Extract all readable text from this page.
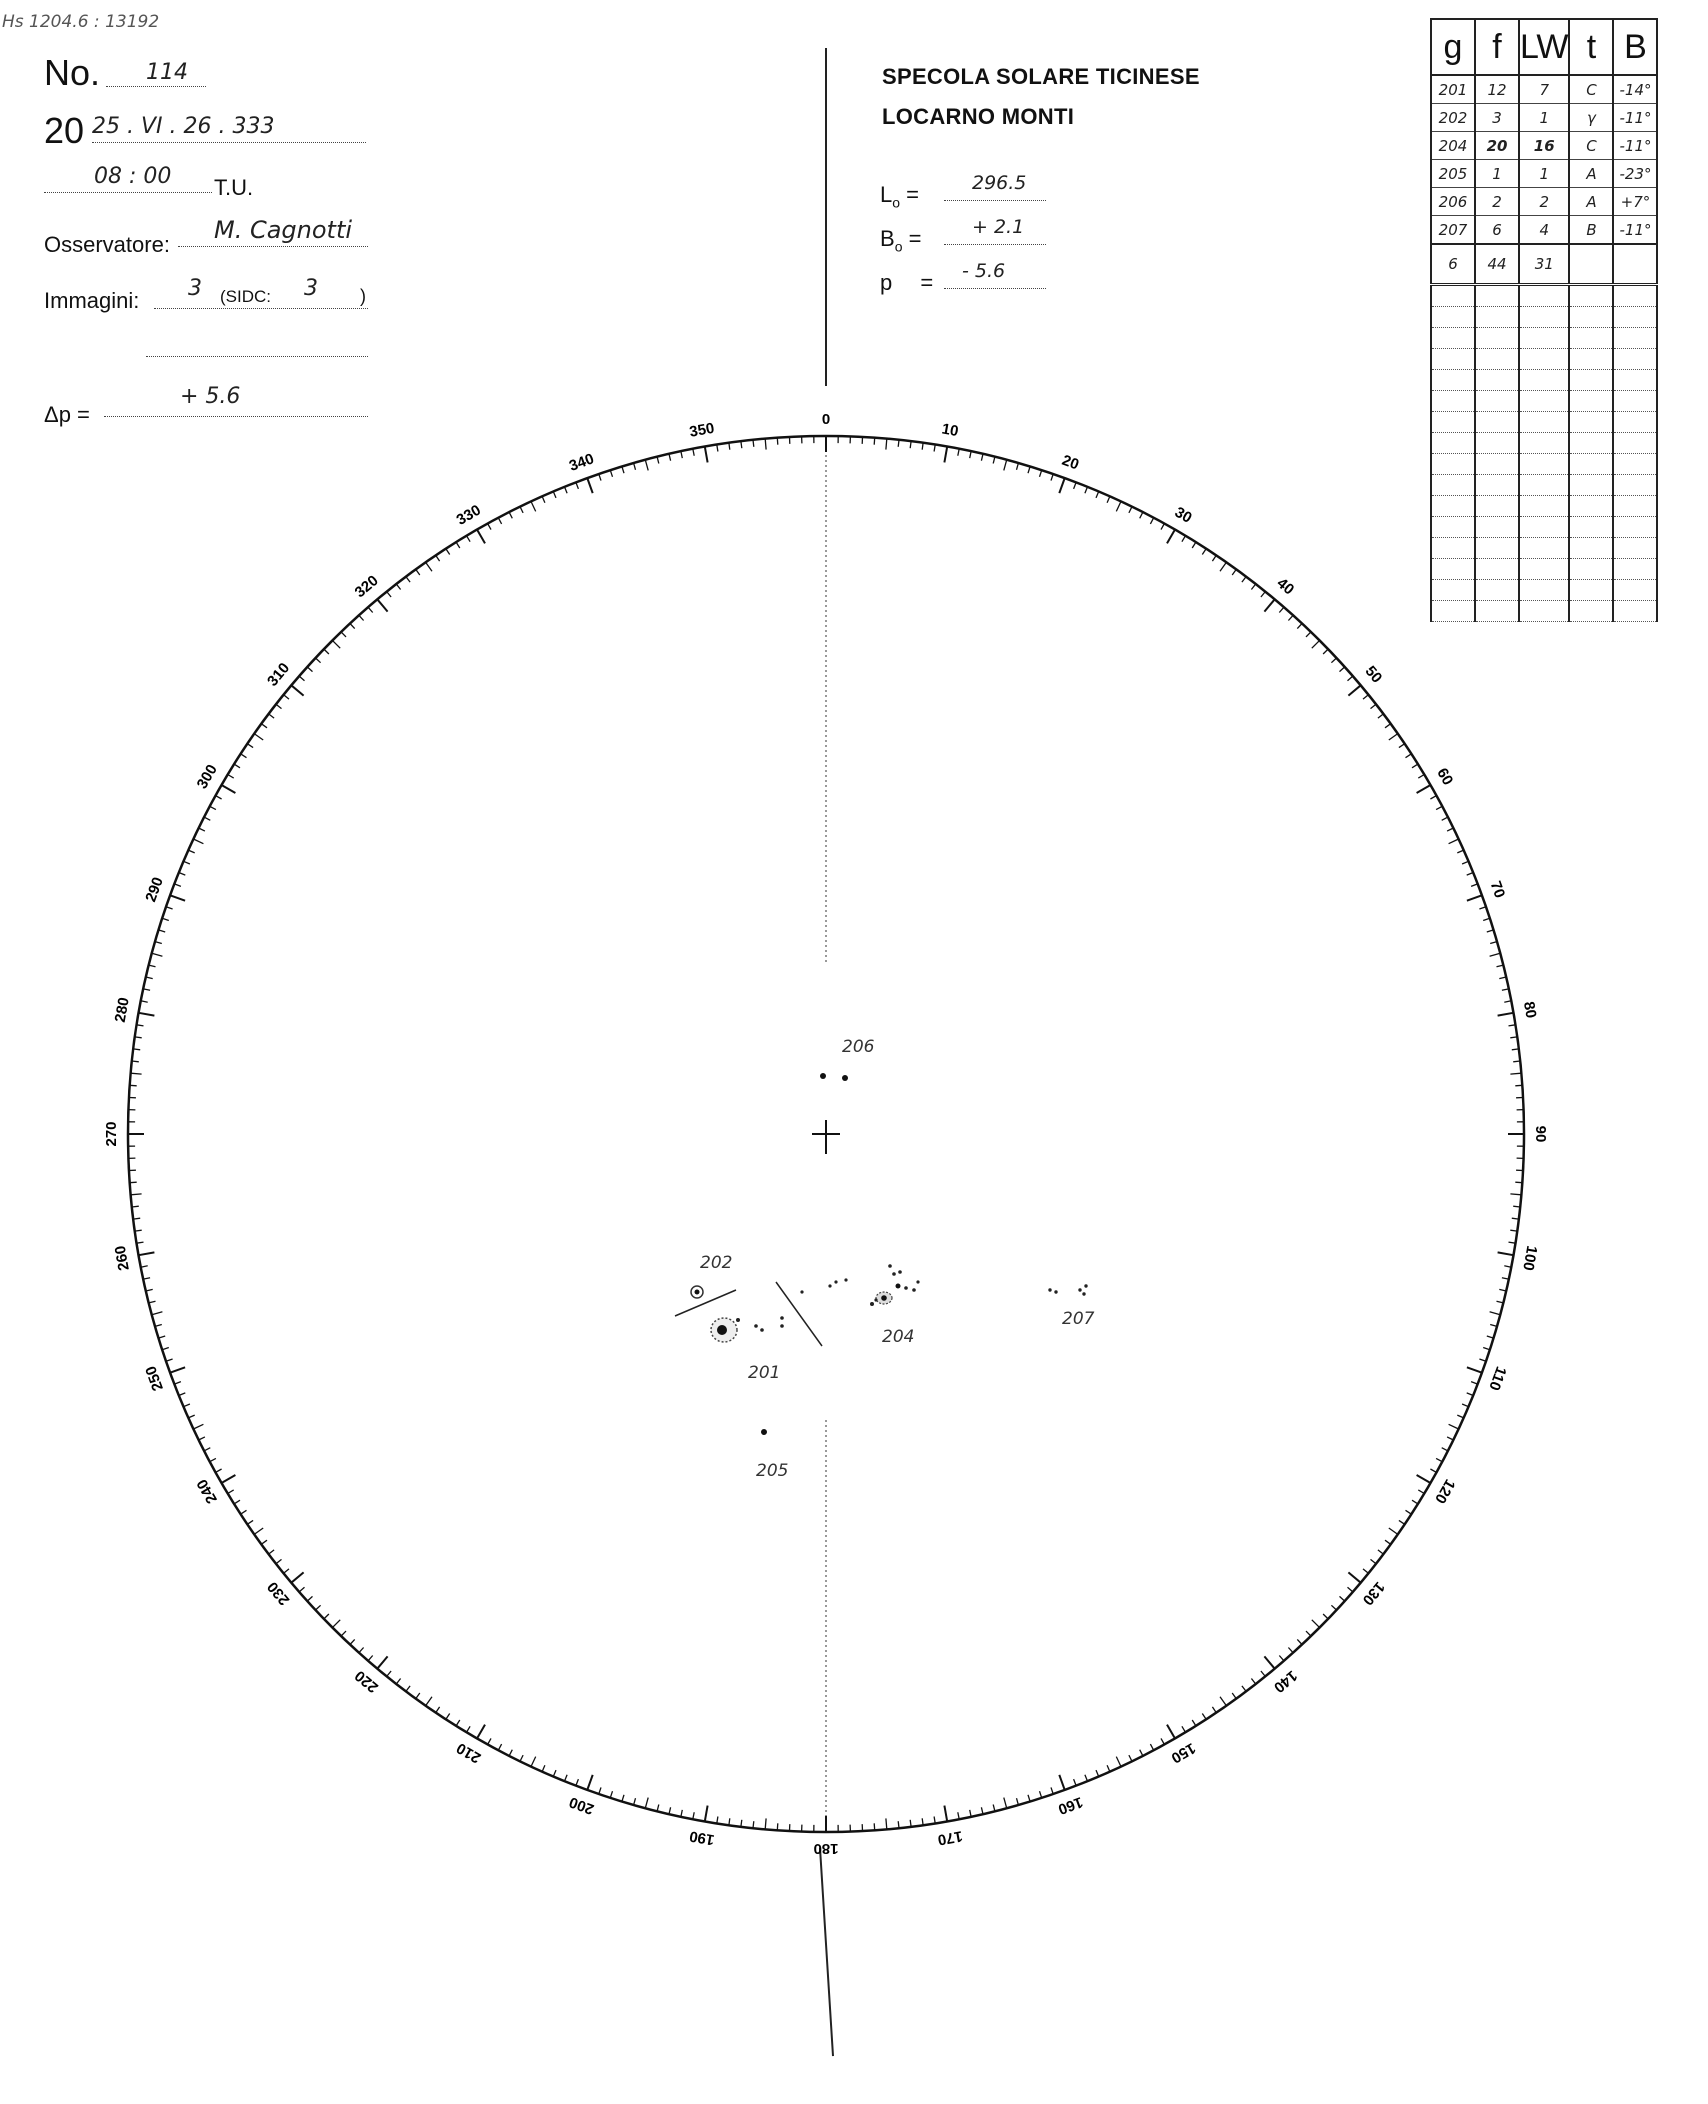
Hs 1204.6 : 13192
No.	114
20 25 . VI . 26 . 333
08 : 00	T.U.
Osservatore:
M. Cagnotti
Immagini: 3 (SIDC: 3 )
Δp =
+ 5.6
SPECOLA SOLARE TICINESE
LOCARNO MONTI
$L_o$ =	296.5
$B_o$ =	+ 2.1
p =	- 5.6
g	f	LW	t	B
201	12	7	C	-14°
202	3	1	γ	-11°
204	20	16	C	-11°
205	1	1	A	-23°
206	2	2	A	+7°
207	6	4	B	-11°
6	44	31		

0
10
20
30
40
50
60
70
80
90
100
110
120
130
140
150
160
170
180
190
200
210
220
230
240
250
260
270
280
290
300
310
320
330
340
350
206
202
201
204
207
205
